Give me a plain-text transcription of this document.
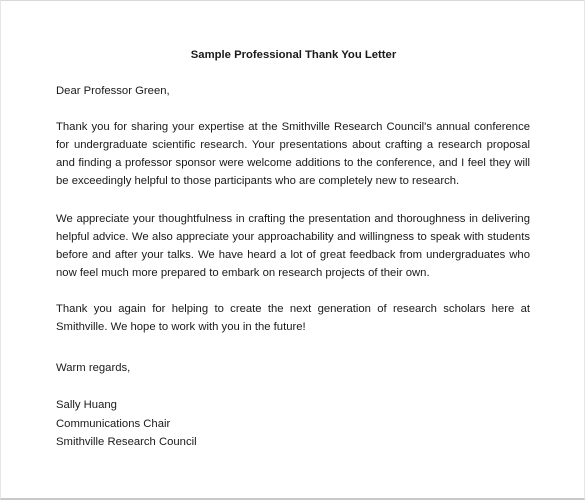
Sample Professional Thank You Letter
Dear Professor Green,

Thank you for sharing your expertise at the Smithville Research Council's annual conference for undergraduate scientific research. Your presentations about crafting a research proposal and finding a professor sponsor were welcome additions to the conference, and I feel they will be exceedingly helpful to those participants who are completely new to research.

We appreciate your thoughtfulness in crafting the presentation and thoroughness in delivering helpful advice. We also appreciate your approachability and willingness to speak with students before and after your talks. We have heard a lot of great feedback from undergraduates who now feel much more prepared to embark on research projects of their own.

Thank you again for helping to create the next generation of research scholars here at Smithville. We hope to work with you in the future!

Warm regards,
Sally Huang
Communications Chair
Smithville Research Council
